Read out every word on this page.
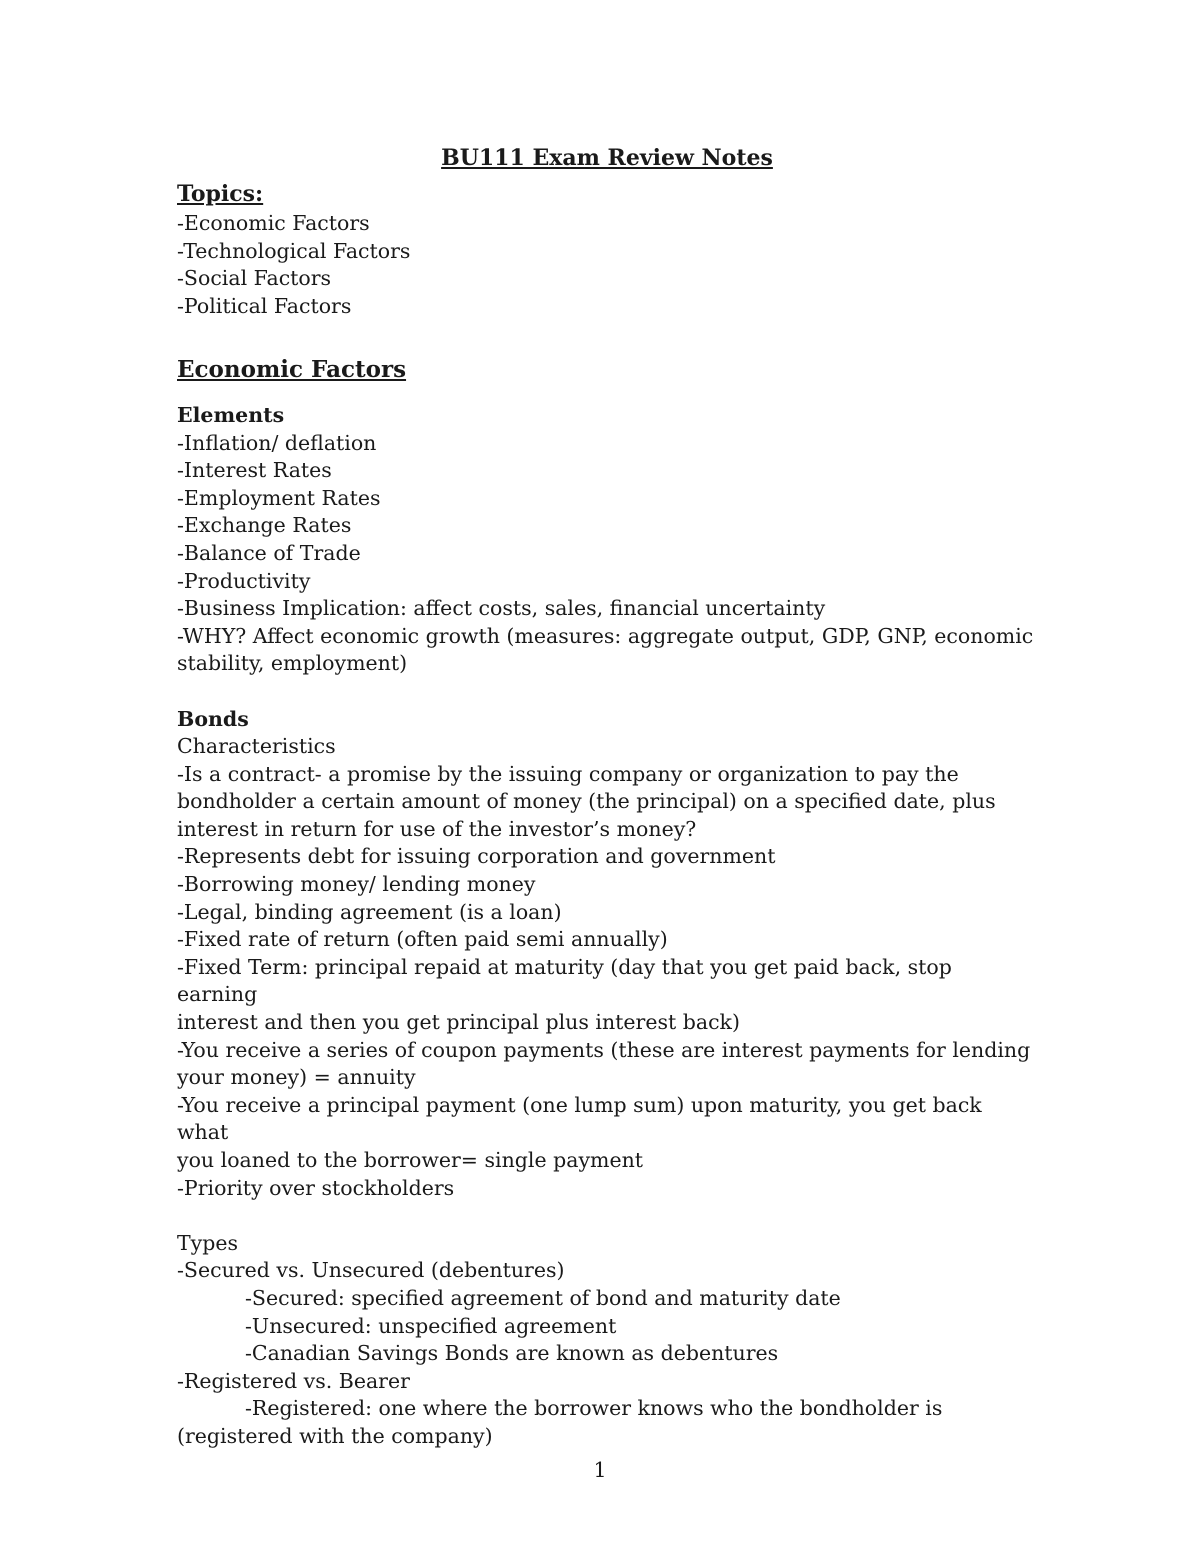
BU111 Exam Review Notes
Topics:
-Economic Factors
-Technological Factors
-Social Factors
-Political Factors
Economic Factors
Elements
-Inflation/ deflation
-Interest Rates
-Employment Rates
-Exchange Rates
-Balance of Trade
-Productivity
-Business Implication: affect costs, sales, financial uncertainty
-WHY? Affect economic growth (measures: aggregate output, GDP, GNP, economic
stability, employment)
Bonds
Characteristics
-Is a contract- a promise by the issuing company or organization to pay the
bondholder a certain amount of money (the principal) on a specified date, plus
interest in return for use of the investor’s money?
-Represents debt for issuing corporation and government
-Borrowing money/ lending money
-Legal, binding agreement (is a loan)
-Fixed rate of return (often paid semi annually)
-Fixed Term: principal repaid at maturity (day that you get paid back, stop earning
interest and then you get principal plus interest back)
-You receive a series of coupon payments (these are interest payments for lending
your money) = annuity
-You receive a principal payment (one lump sum) upon maturity, you get back what
you loaned to the borrower= single payment
-Priority over stockholders
Types
-Secured vs. Unsecured (debentures)
-Secured: specified agreement of bond and maturity date
-Unsecured: unspecified agreement
-Canadian Savings Bonds are known as debentures
-Registered vs. Bearer
-Registered: one where the borrower knows who the bondholder is
(registered with the company)
1
